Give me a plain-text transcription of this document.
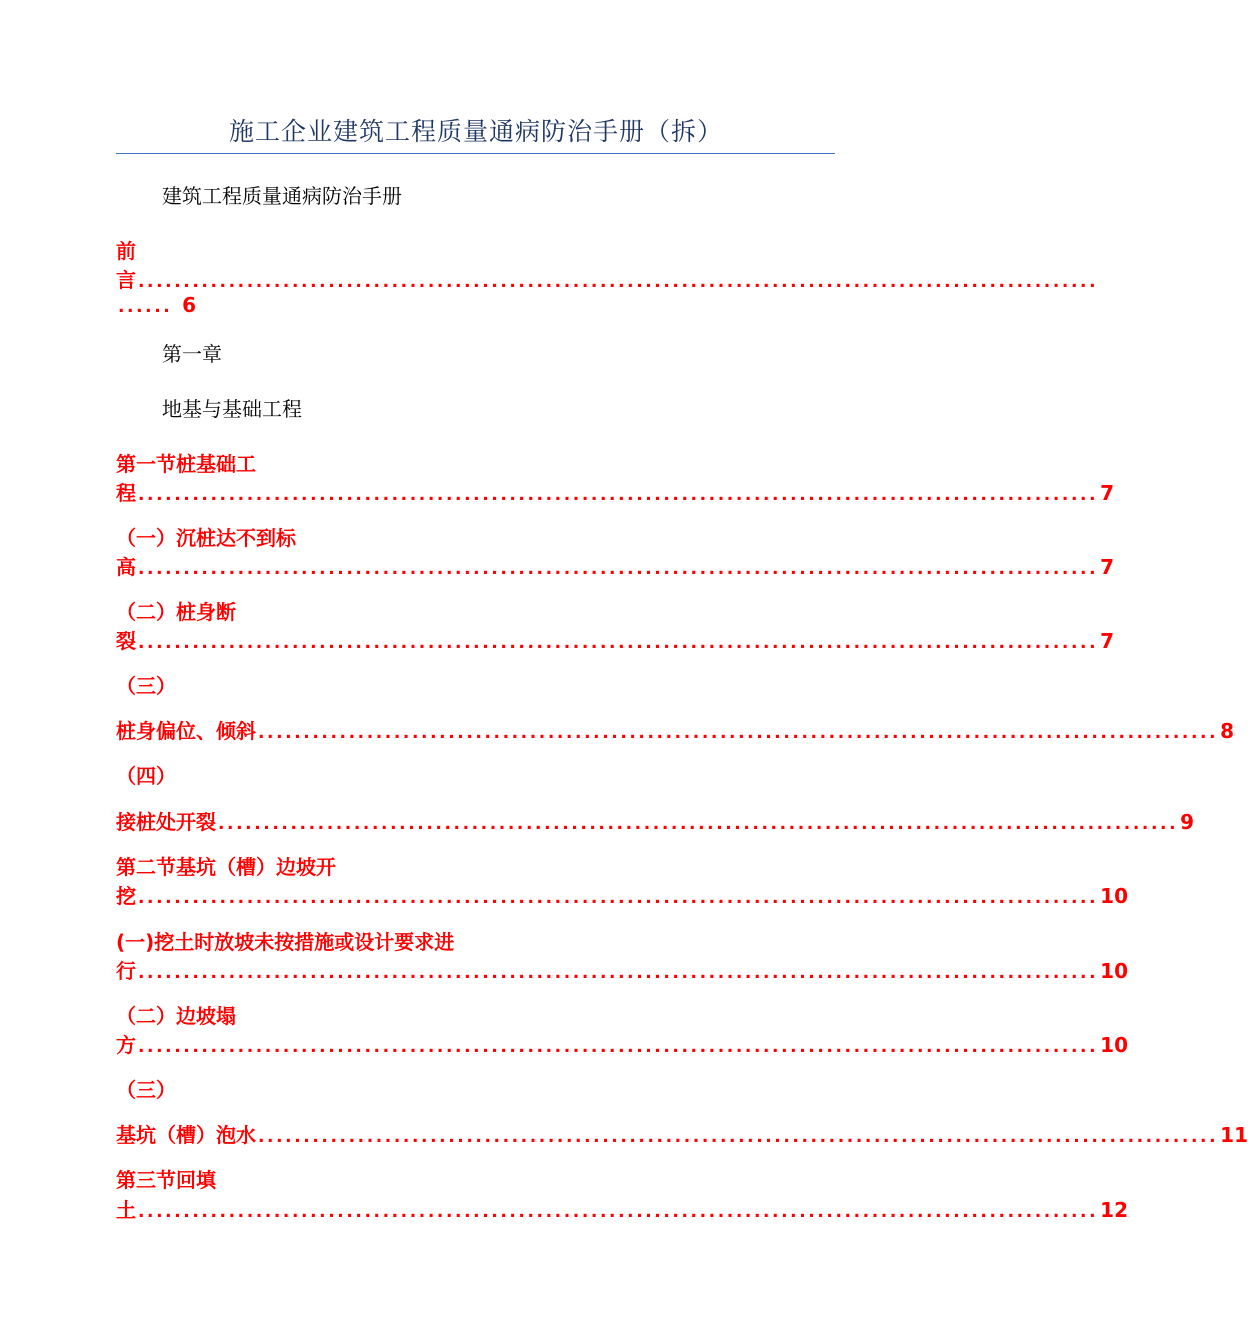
施工企业建筑工程质量通病防治手册（拆）
建筑工程质量通病防治手册
前
言 ..........................................................................................................
...... 6
第一章
地基与基础工程
第一节桩基础工
程 .......................................................................................................... 7
（一）沉桩达不到标
高 .......................................................................................................... 7
（二）桩身断
裂 .......................................................................................................... 7
（三）
桩身偏位、倾斜 .......................................................................................................... 8
（四）
接桩处开裂 .......................................................................................................... 9
第二节基坑（槽）边坡开
挖 .......................................................................................................... 10
(一)挖土时放坡未按措施或设计要求进
行 .......................................................................................................... 10
（二）边坡塌
方 .......................................................................................................... 10
（三）
基坑（槽）泡水 .......................................................................................................... 11
第三节回填
土 .......................................................................................................... 12
